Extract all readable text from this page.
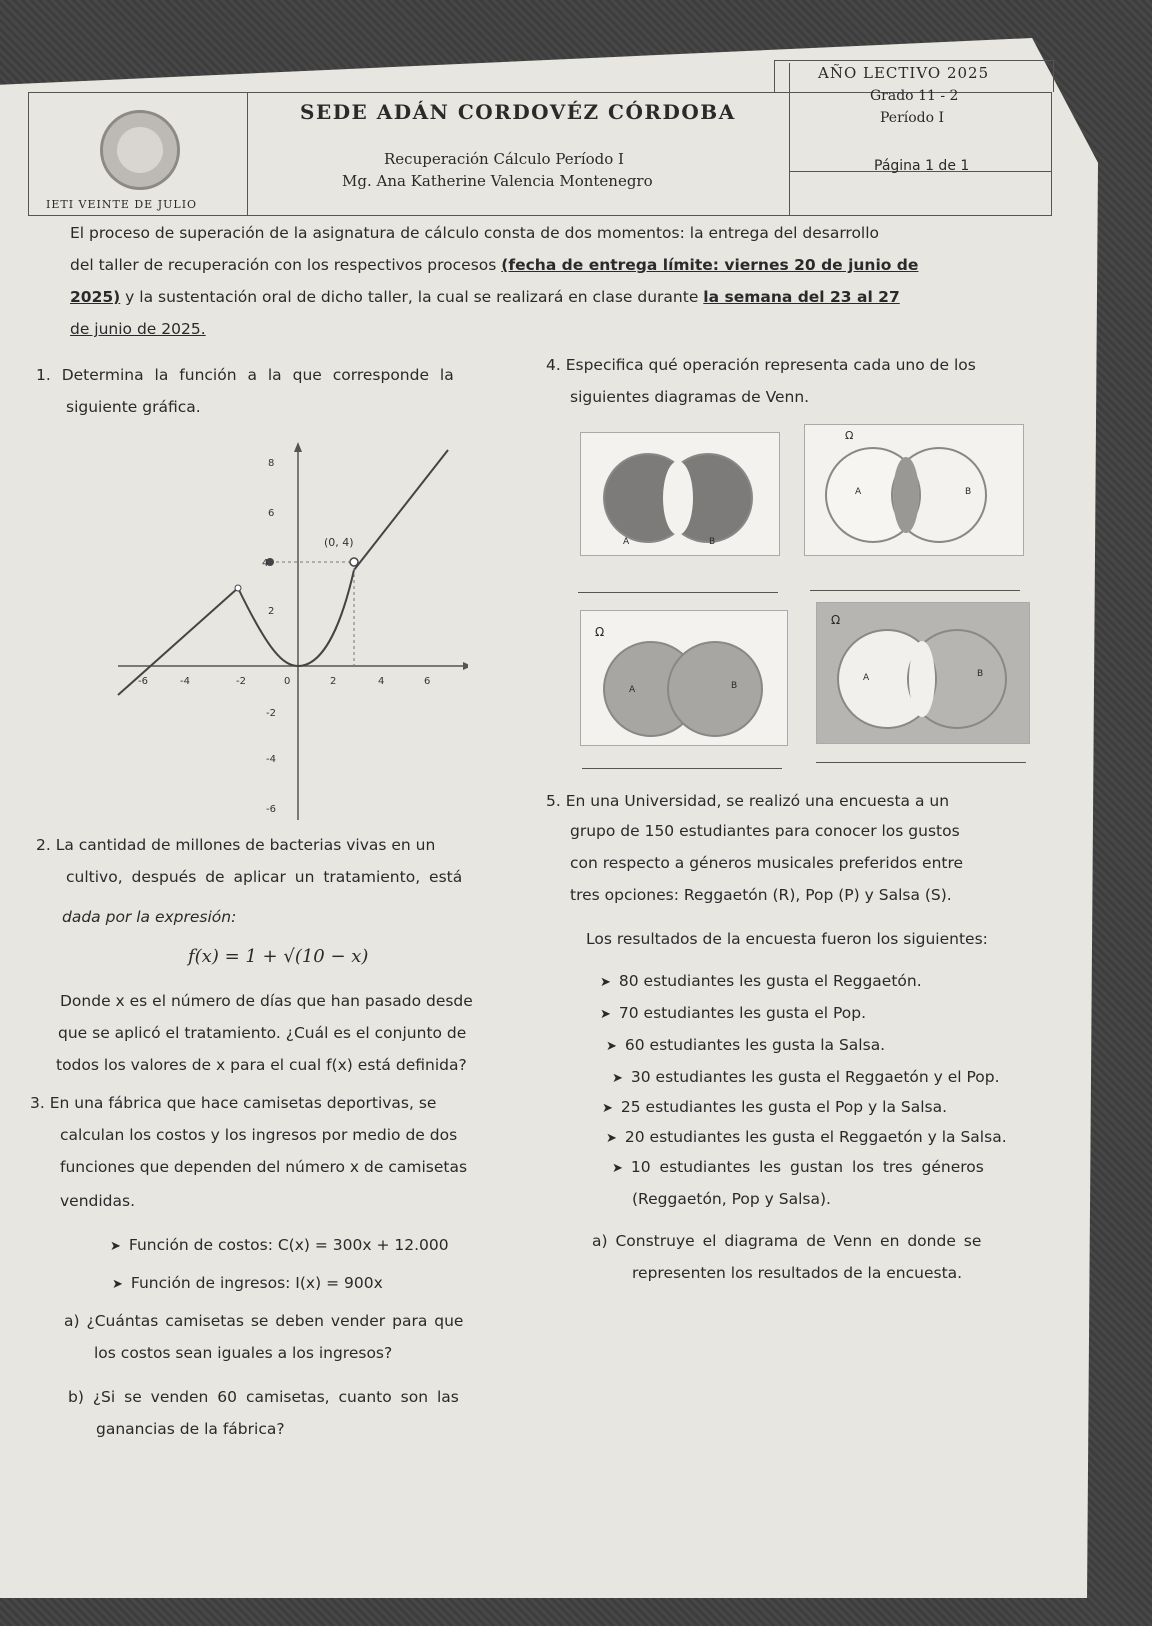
IETI VEINTE DE JULIO
SEDE ADÁN CORDOVÉZ CÓRDOBA
Recuperación Cálculo Período I
Mg. Ana Katherine Valencia Montenegro
AÑO LECTIVO 2025
Grado 11 - 2
Período I
Página 1 de 1
El proceso de superación de la asignatura de cálculo consta de dos momentos: la entrega del desarrollo
del taller de recuperación con los respectivos procesos (fecha de entrega límite: viernes 20 de junio de
2025) y la sustentación oral de dicho taller, la cual se realizará en clase durante la semana del 23 al 27
de junio de 2025.
1. Determina la función a la que corresponde la
siguiente gráfica.
(0, 4)
-6	-4	-2	0	2	4	6
8
6
4
2
-2
-4
-6
4. Especifica qué operación representa cada uno de los
siguientes diagramas de Venn.
A	B
Ω
A	B
Ω
A	B
Ω
A	B
5. En una Universidad, se realizó una encuesta a un
grupo de 150 estudiantes para conocer los gustos
con respecto a géneros musicales preferidos entre
tres opciones: Reggaetón (R), Pop (P) y Salsa (S).
Los resultados de la encuesta fueron los siguientes:
➤ 80 estudiantes les gusta el Reggaetón.
➤ 70 estudiantes les gusta el Pop.
➤ 60 estudiantes les gusta la Salsa.
➤ 30 estudiantes les gusta el Reggaetón y el Pop.
➤ 25 estudiantes les gusta el Pop y la Salsa.
➤ 20 estudiantes les gusta el Reggaetón y la Salsa.
➤ 10 estudiantes les gustan los tres géneros
(Reggaetón, Pop y Salsa).
a) Construye el diagrama de Venn en donde se
representen los resultados de la encuesta.
2. La cantidad de millones de bacterias vivas en un
cultivo, después de aplicar un tratamiento, está
dada por la expresión:
f(x) = 1 + √(10 − x)
Donde x es el número de días que han pasado desde
que se aplicó el tratamiento. ¿Cuál es el conjunto de
todos los valores de x para el cual f(x) está definida?
3. En una fábrica que hace camisetas deportivas, se
calculan los costos y los ingresos por medio de dos
funciones que dependen del número x de camisetas
vendidas.
➤ Función de costos: C(x) = 300x + 12.000
➤ Función de ingresos: I(x) = 900x
a) ¿Cuántas camisetas se deben vender para que
los costos sean iguales a los ingresos?
b) ¿Si se venden 60 camisetas, cuanto son las
ganancias de la fábrica?
